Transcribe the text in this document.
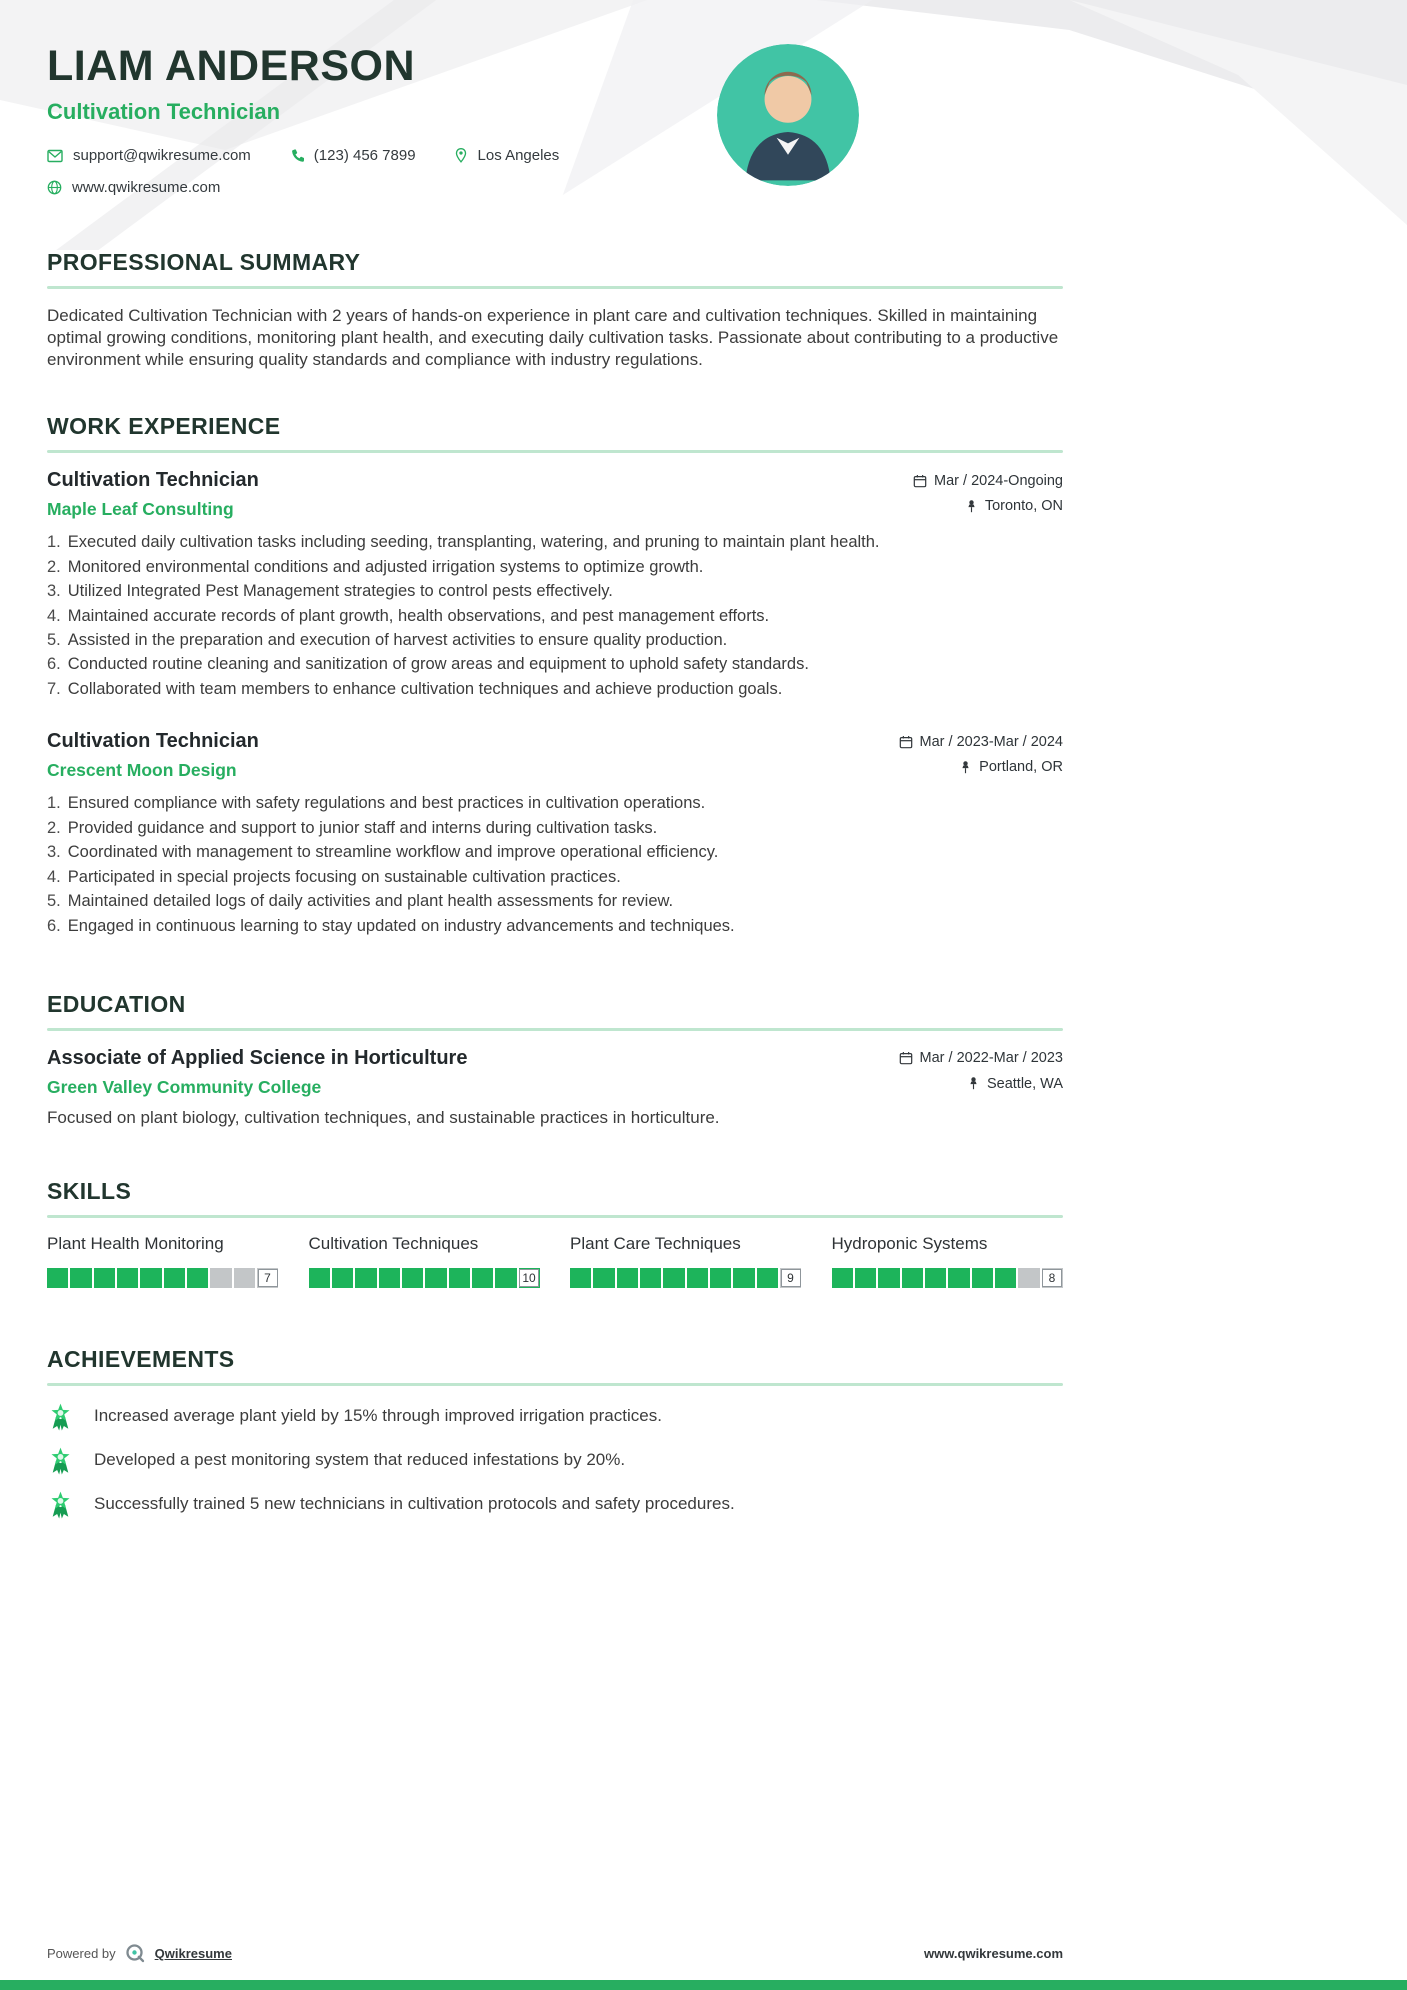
LIAM ANDERSON
Cultivation Technician
support@qwikresume.com	(123) 456 7899	Los Angeles
www.qwikresume.com
PROFESSIONAL SUMMARY

Dedicated Cultivation Technician with 2 years of hands-on experience in plant care and cultivation techniques. Skilled in maintaining optimal growing conditions, monitoring plant health, and executing daily cultivation tasks. Passionate about contributing to a productive environment while ensuring quality standards and compliance with industry regulations.

WORK EXPERIENCE
Cultivation Technician	Mar / 2024-Ongoing
Maple Leaf Consulting	Toronto, ON
1. Executed daily cultivation tasks including seeding, transplanting, watering, and pruning to maintain plant health.
2. Monitored environmental conditions and adjusted irrigation systems to optimize growth.
3. Utilized Integrated Pest Management strategies to control pests effectively.
4. Maintained accurate records of plant growth, health observations, and pest management efforts.
5. Assisted in the preparation and execution of harvest activities to ensure quality production.
6. Conducted routine cleaning and sanitization of grow areas and equipment to uphold safety standards.
7. Collaborated with team members to enhance cultivation techniques and achieve production goals.
Cultivation Technician	Mar / 2023-Mar / 2024
Crescent Moon Design	Portland, OR
1. Ensured compliance with safety regulations and best practices in cultivation operations.
2. Provided guidance and support to junior staff and interns during cultivation tasks.
3. Coordinated with management to streamline workflow and improve operational efficiency.
4. Participated in special projects focusing on sustainable cultivation practices.
5. Maintained detailed logs of daily activities and plant health assessments for review.
6. Engaged in continuous learning to stay updated on industry advancements and techniques.
EDUCATION
Associate of Applied Science in Horticulture	Mar / 2022-Mar / 2023
Green Valley Community College	Seattle, WA

Focused on plant biology, cultivation techniques, and sustainable practices in horticulture.

SKILLS
Plant Health Monitoring
7
Cultivation Techniques
10
Plant Care Techniques
9
Hydroponic Systems
8
ACHIEVEMENTS
Increased average plant yield by 15% through improved irrigation practices.
Developed a pest monitoring system that reduced infestations by 20%.
Successfully trained 5 new technicians in cultivation protocols and safety procedures.
Powered by	Qwikresume	www.qwikresume.com
